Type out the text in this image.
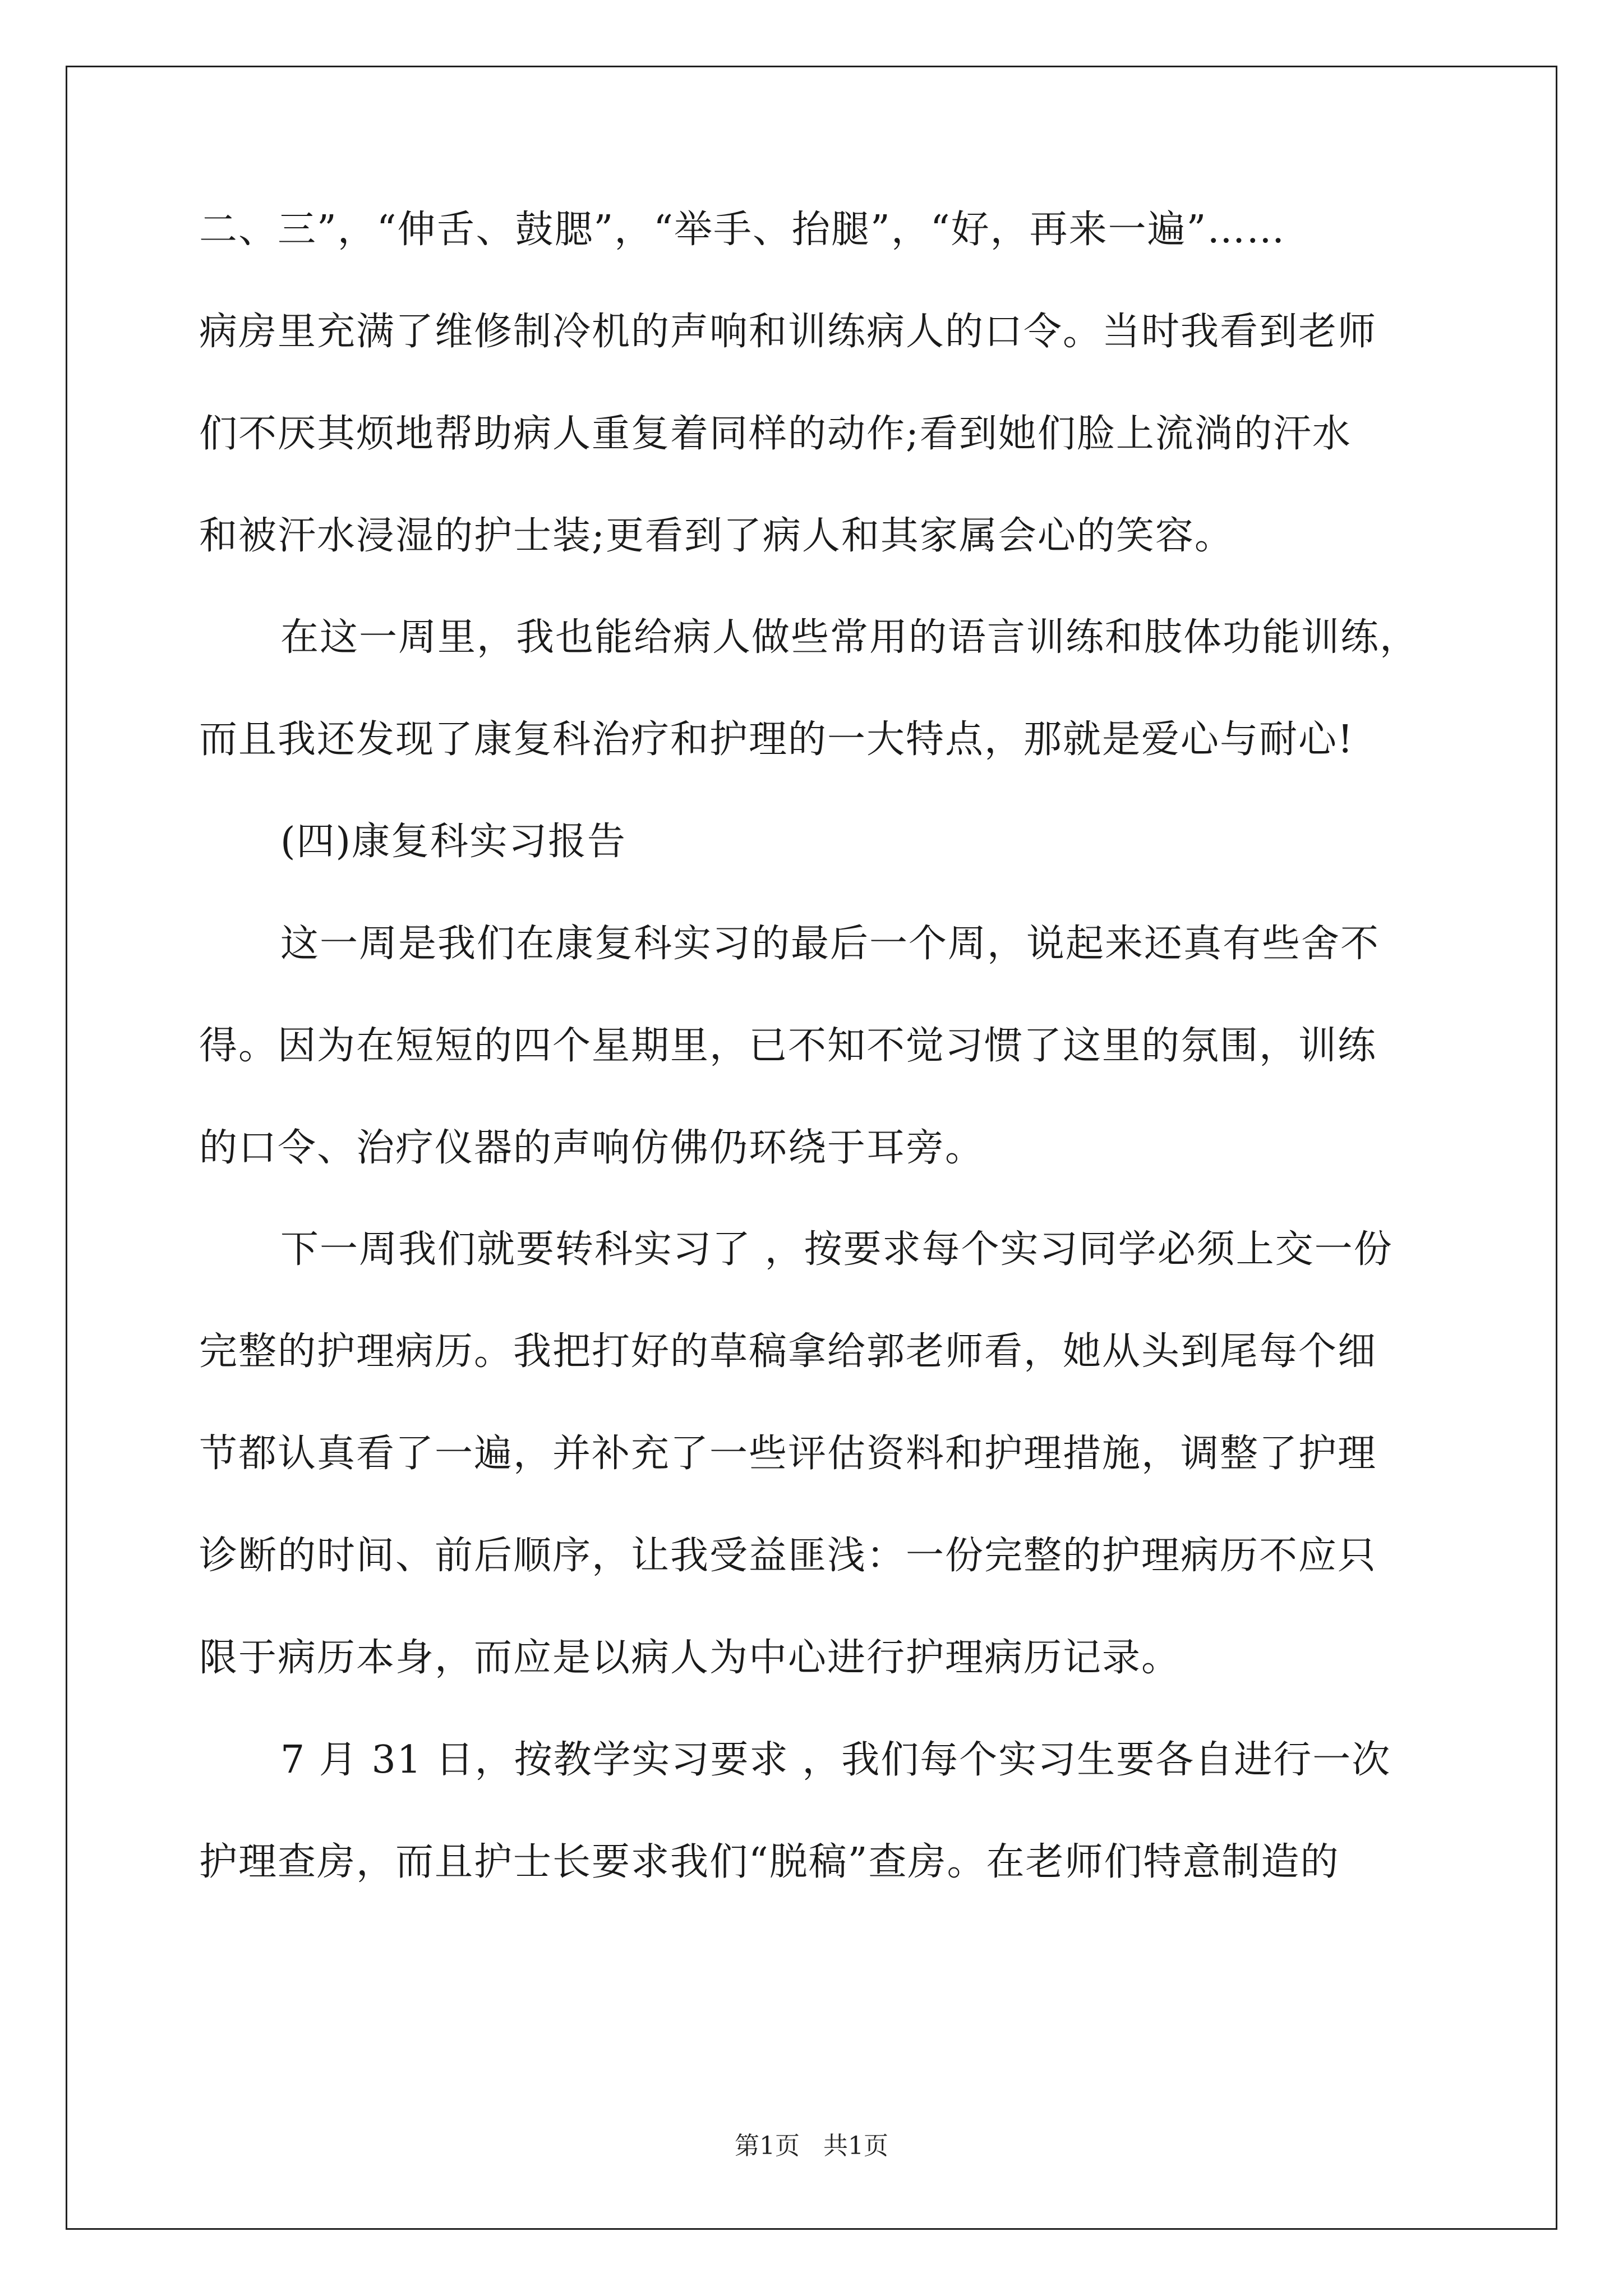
二、三”，“伸舌、鼓腮”，“举手、抬腿”，“好，再来一遍”……
病房里充满了维修制冷机的声响和训练病人的口令。当时我看到老师
们不厌其烦地帮助病人重复着同样的动作;看到她们脸上流淌的汗水
和被汗水浸湿的护士装;更看到了病人和其家属会心的笑容。
在这一周里，我也能给病人做些常用的语言训练和肢体功能训练，
而且我还发现了康复科治疗和护理的一大特点，那就是爱心与耐心!
(四)康复科实习报告
这一周是我们在康复科实习的最后一个周，说起来还真有些舍不
得。因为在短短的四个星期里，已不知不觉习惯了这里的氛围，训练
的口令、治疗仪器的声响仿佛仍环绕于耳旁。
下一周我们就要转科实习了 ，按要求每个实习同学必须上交一份
完整的护理病历。我把打好的草稿拿给郭老师看，她从头到尾每个细
节都认真看了一遍，并补充了一些评估资料和护理措施，调整了护理
诊断的时间、前后顺序，让我受益匪浅：一份完整的护理病历不应只
限于病历本身，而应是以病人为中心进行护理病历记录。
7 月 31 日，按教学实习要求 ，我们每个实习生要各自进行一次
护理查房，而且护士长要求我们“脱稿”查房。在老师们特意制造的
第1页 共1页
